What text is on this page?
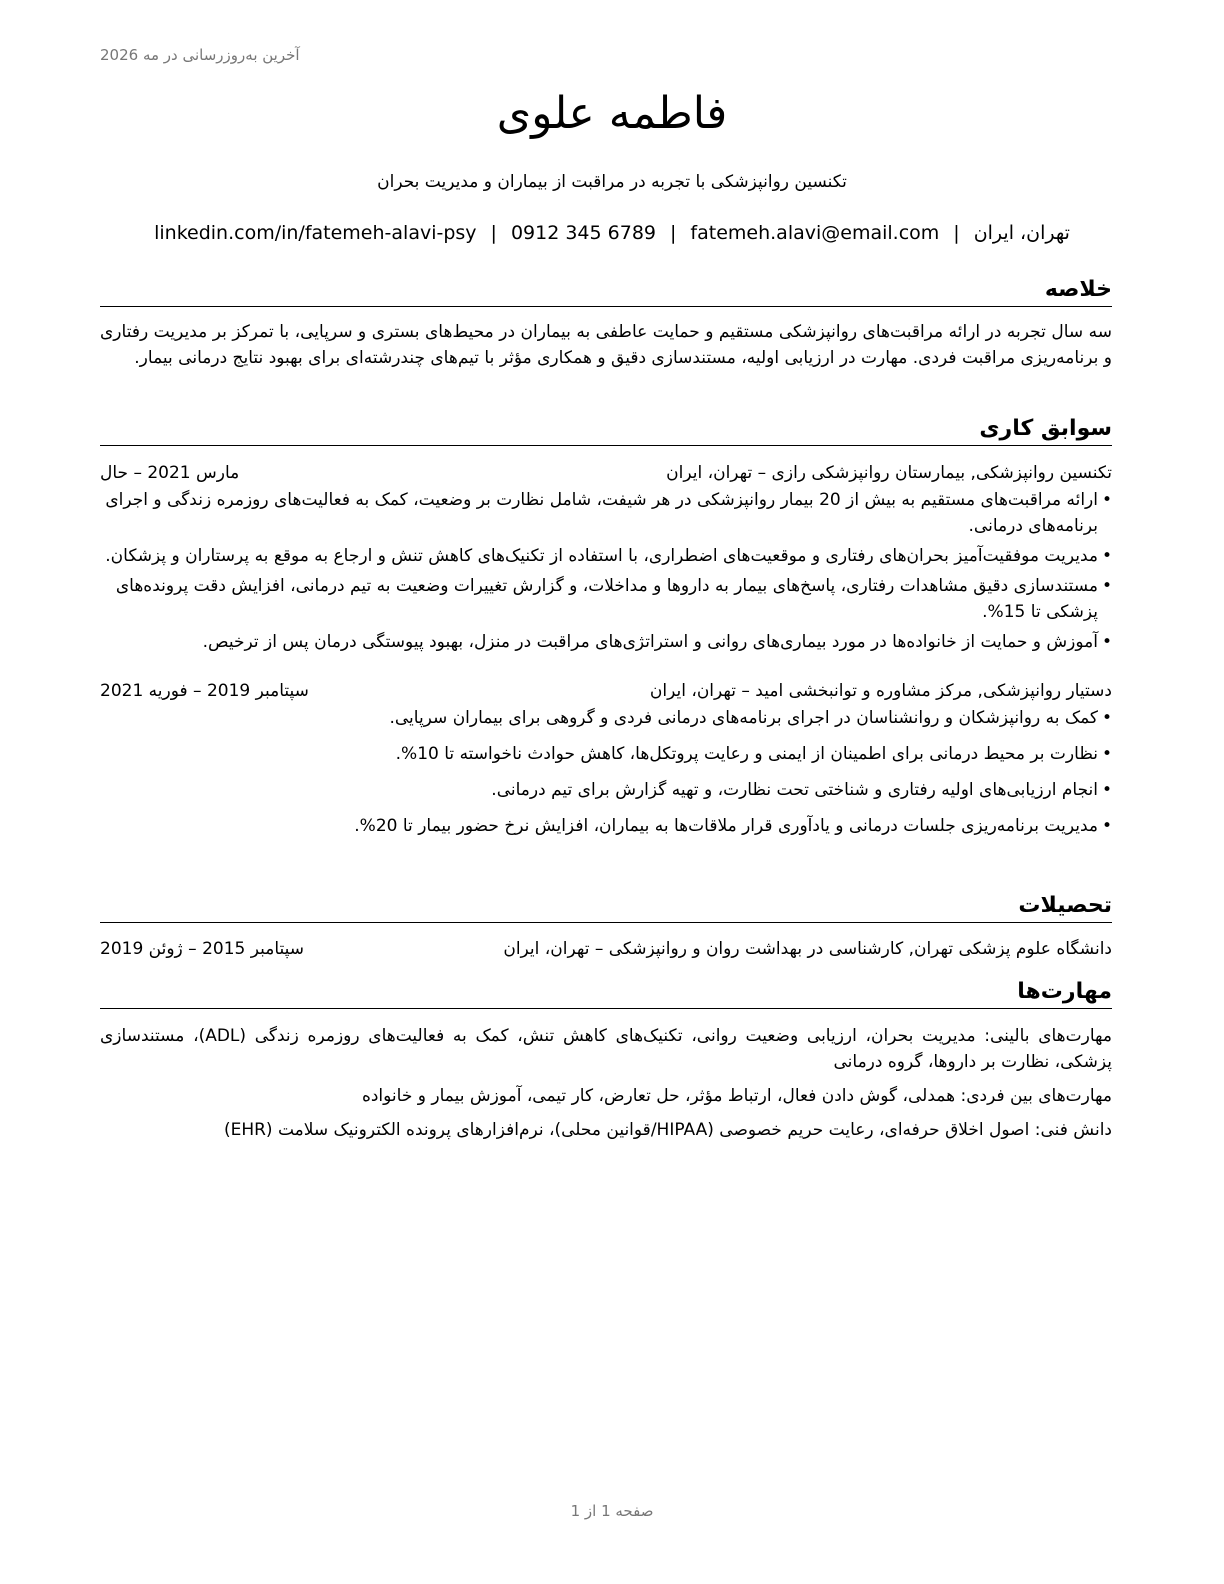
آخرین به‌روزرسانی در مه 2026
فاطمه علوی
تکنسین روانپزشکی با تجربه در مراقبت از بیماران و مدیریت بحران
تهران، ایران|fatemeh.alavi@email.com|0912 345 6789|linkedin.com/in/fatemeh-alavi-psy
خلاصه

سه سال تجربه در ارائه مراقبت‌های روانپزشکی مستقیم و حمایت عاطفی به بیماران در محیط‌های بستری و سرپایی، با تمرکز بر مدیریت رفتاری و برنامه‌ریزی مراقبت فردی. مهارت در ارزیابی اولیه، مستندسازی دقیق و همکاری مؤثر با تیم‌های چندرشته‌ای برای بهبود نتایج درمانی بیمار.

سوابق کاری
تکنسین روانپزشکی, بیمارستان روانپزشکی رازی – تهران، ایران
مارس 2021 – حال
• ارائه مراقبت‌های مستقیم به بیش از 20 بیمار روانپزشکی در هر شیفت، شامل نظارت بر وضعیت، کمک به فعالیت‌های روزمره زندگی و اجرای برنامه‌های درمانی.
• مدیریت موفقیت‌آمیز بحران‌های رفتاری و موقعیت‌های اضطراری، با استفاده از تکنیک‌های کاهش تنش و ارجاع به موقع به پرستاران و پزشکان.
• مستندسازی دقیق مشاهدات رفتاری، پاسخ‌های بیمار به داروها و مداخلات، و گزارش تغییرات وضعیت به تیم درمانی، افزایش دقت پرونده‌های پزشکی تا 15%.
• آموزش و حمایت از خانواده‌ها در مورد بیماری‌های روانی و استراتژی‌های مراقبت در منزل، بهبود پیوستگی درمان پس از ترخیص.
دستیار روانپزشکی, مرکز مشاوره و توانبخشی امید – تهران، ایران
سپتامبر 2019 – فوریه 2021
• کمک به روانپزشکان و روانشناسان در اجرای برنامه‌های درمانی فردی و گروهی برای بیماران سرپایی.
• نظارت بر محیط درمانی برای اطمینان از ایمنی و رعایت پروتکل‌ها، کاهش حوادث ناخواسته تا 10%.
• انجام ارزیابی‌های اولیه رفتاری و شناختی تحت نظارت، و تهیه گزارش برای تیم درمانی.
• مدیریت برنامه‌ریزی جلسات درمانی و یادآوری قرار ملاقات‌ها به بیماران، افزایش نرخ حضور بیمار تا 20%.
تحصیلات
دانشگاه علوم پزشکی تهران, کارشناسی در بهداشت روان و روانپزشکی – تهران، ایران
سپتامبر 2015 – ژوئن 2019
مهارت‌ها

مهارت‌های بالینی: مدیریت بحران، ارزیابی وضعیت روانی، تکنیک‌های کاهش تنش، کمک به فعالیت‌های روزمره زندگی (ADL)، مستندسازی پزشکی، نظارت بر داروها، گروه درمانی

مهارت‌های بین فردی: همدلی، گوش دادن فعال، ارتباط مؤثر، حل تعارض، کار تیمی، آموزش بیمار و خانواده

دانش فنی: اصول اخلاق حرفه‌ای، رعایت حریم خصوصی (HIPAA/قوانین محلی)، نرم‌افزارهای پرونده الکترونیک سلامت (EHR)

صفحه 1 از 1
